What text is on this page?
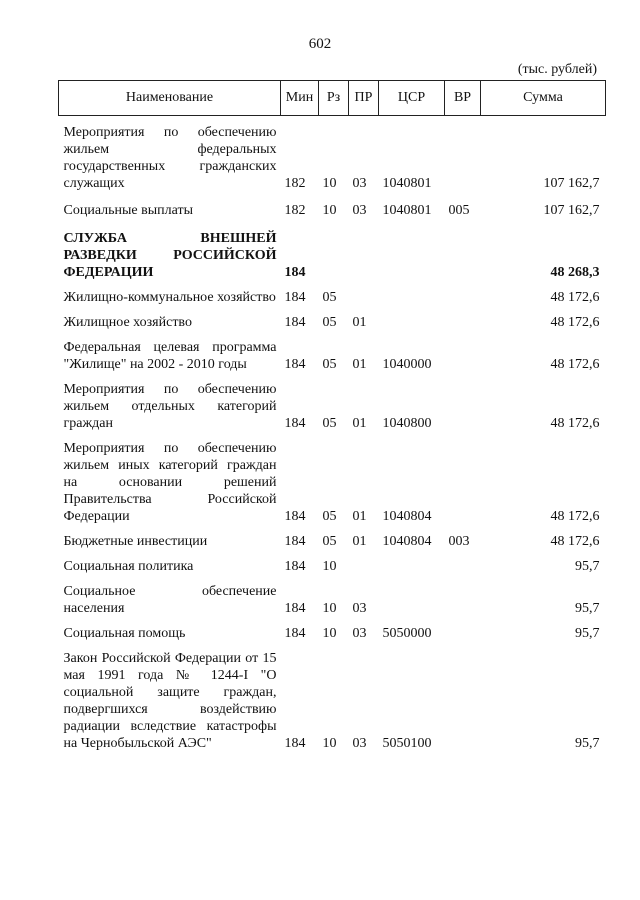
602
(тыс. рублей)
Наименование	Мин	Рз	ПР	ЦСР	ВР	Сумма
Мероприятия по обеспечению жильем федеральных государственных гражданских служащих	182	10	03	1040801		107 162,7
Социальные выплаты	182	10	03	1040801	005	107 162,7
СЛУЖБА ВНЕШНЕЙ РАЗВЕДКИ РОССИЙСКОЙ ФЕДЕРАЦИИ	184					48 268,3
Жилищно-коммунальное хозяйство	184	05				48 172,6
Жилищное хозяйство	184	05	01			48 172,6
Федеральная целевая программа "Жилище" на 2002 - 2010 годы	184	05	01	1040000		48 172,6
Мероприятия по обеспечению жильем отдельных категорий граждан	184	05	01	1040800		48 172,6
Мероприятия по обеспечению жильем иных категорий граждан на основании решений Правительства Российской Федерации	184	05	01	1040804		48 172,6
Бюджетные инвестиции	184	05	01	1040804	003	48 172,6
Социальная политика	184	10				95,7
Социальное обеспечение населения	184	10	03			95,7
Социальная помощь	184	10	03	5050000		95,7
Закон Российской Федерации от 15 мая 1991 года № 1244-I "О социальной защите граждан, подвергшихся воздействию радиации вследствие катастрофы на Чернобыльской АЭС"	184	10	03	5050100		95,7
